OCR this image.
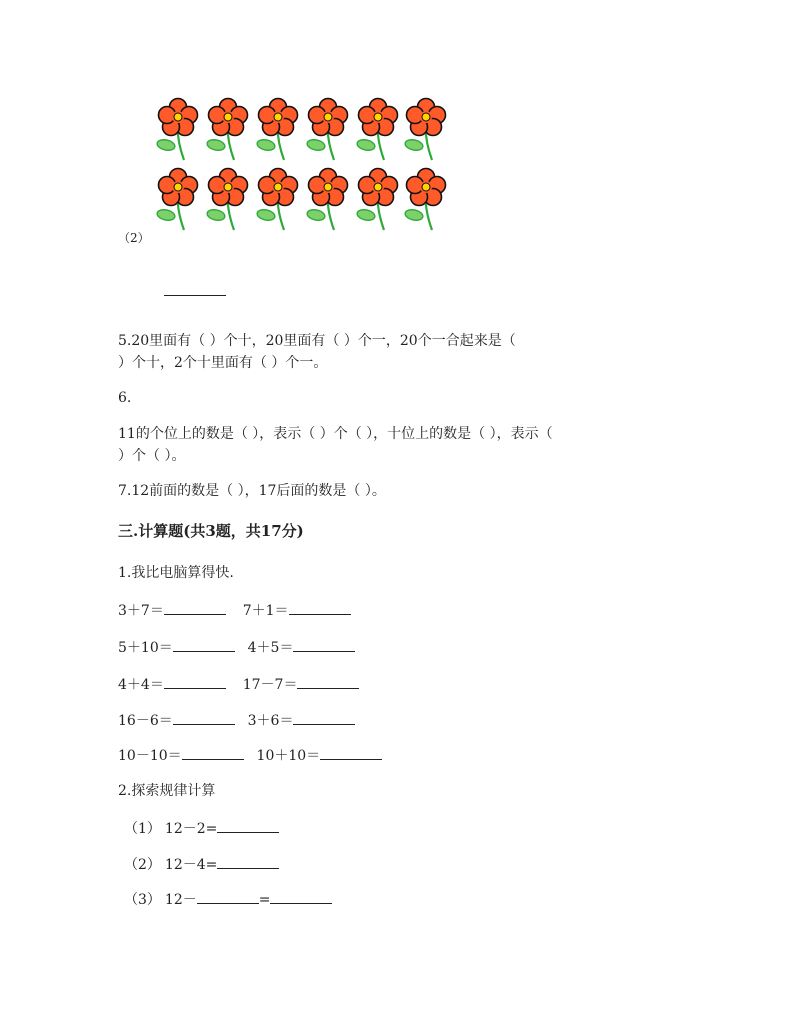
（2）
5.20里面有（ ）个十，20里面有（ ）个一，20个一合起来是（
）个十，2个十里面有（ ）个一。
6.
11的个位上的数是（ ），表示（ ）个（ ），十位上的数是（ ），表示（
）个（ ）。
7.12前面的数是（ ），17后面的数是（ ）。
三.计算题(共3题，共17分)
1.我比电脑算得快.
3＋7＝	7＋1＝
5＋10＝	4＋5＝
4＋4＝	17－7＝
16－6＝	3＋6＝
10－10＝	10＋10＝
2.探索规律计算
（1） 12－2=
（2） 12－4=
（3） 12－	=
